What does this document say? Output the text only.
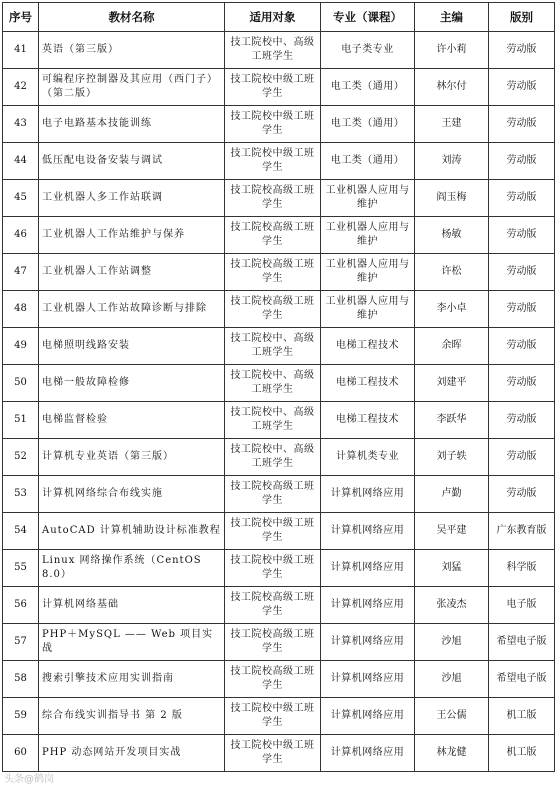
序号	教材名称	适用对象	专业（课程）	主编	版别
41	英语（第三版）	技工院校中、高级工班学生	电子类专业	许小莉	劳动版
42	可编程序控制器及其应用（西门子）（第二版）	技工院校中级工班学生	电工类（通用）	林尔付	劳动版
43	电子电路基本技能训练	技工院校中级工班学生	电工类（通用）	王建	劳动版
44	低压配电设备安装与调试	技工院校中级工班学生	电工类（通用）	刘涛	劳动版
45	工业机器人多工作站联调	技工院校高级工班学生	工业机器人应用与维护	阎玉梅	劳动版
46	工业机器人工作站维护与保养	技工院校高级工班学生	工业机器人应用与维护	杨敏	劳动版
47	工业机器人工作站调整	技工院校高级工班学生	工业机器人应用与维护	许松	劳动版
48	工业机器人工作站故障诊断与排除	技工院校高级工班学生	工业机器人应用与维护	李小卓	劳动版
49	电梯照明线路安装	技工院校中、高级工班学生	电梯工程技术	余晖	劳动版
50	电梯一般故障检修	技工院校中、高级工班学生	电梯工程技术	刘建平	劳动版
51	电梯监督检验	技工院校中、高级工班学生	电梯工程技术	李跃华	劳动版
52	计算机专业英语（第三版）	技工院校中、高级工班学生	计算机类专业	刘子轶	劳动版
53	计算机网络综合布线实施	技工院校高级工班学生	计算机网络应用	卢勤	劳动版
54	AutoCAD 计算机辅助设计标准教程	技工院校中级工班学生	计算机网络应用	吴平建	广东教育版
55	Linux 网络操作系统（CentOS 8.0）	技工院校中级工班学生	计算机网络应用	刘猛	科学版
56	计算机网络基础	技工院校高级工班学生	计算机网络应用	张凌杰	电子版
57	PHP＋MySQL —— Web 项目实战	技工院校高级工班学生	计算机网络应用	沙旭	希望电子版
58	搜索引擎技术应用实训指南	技工院校高级工班学生	计算机网络应用	沙旭	希望电子版
59	综合布线实训指导书 第 2 版	技工院校中级工班学生	计算机网络应用	王公儒	机工版
60	PHP 动态网站开发项目实战	技工院校中级工班学生	计算机网络应用	林龙健	机工版
头条@鹤岗
